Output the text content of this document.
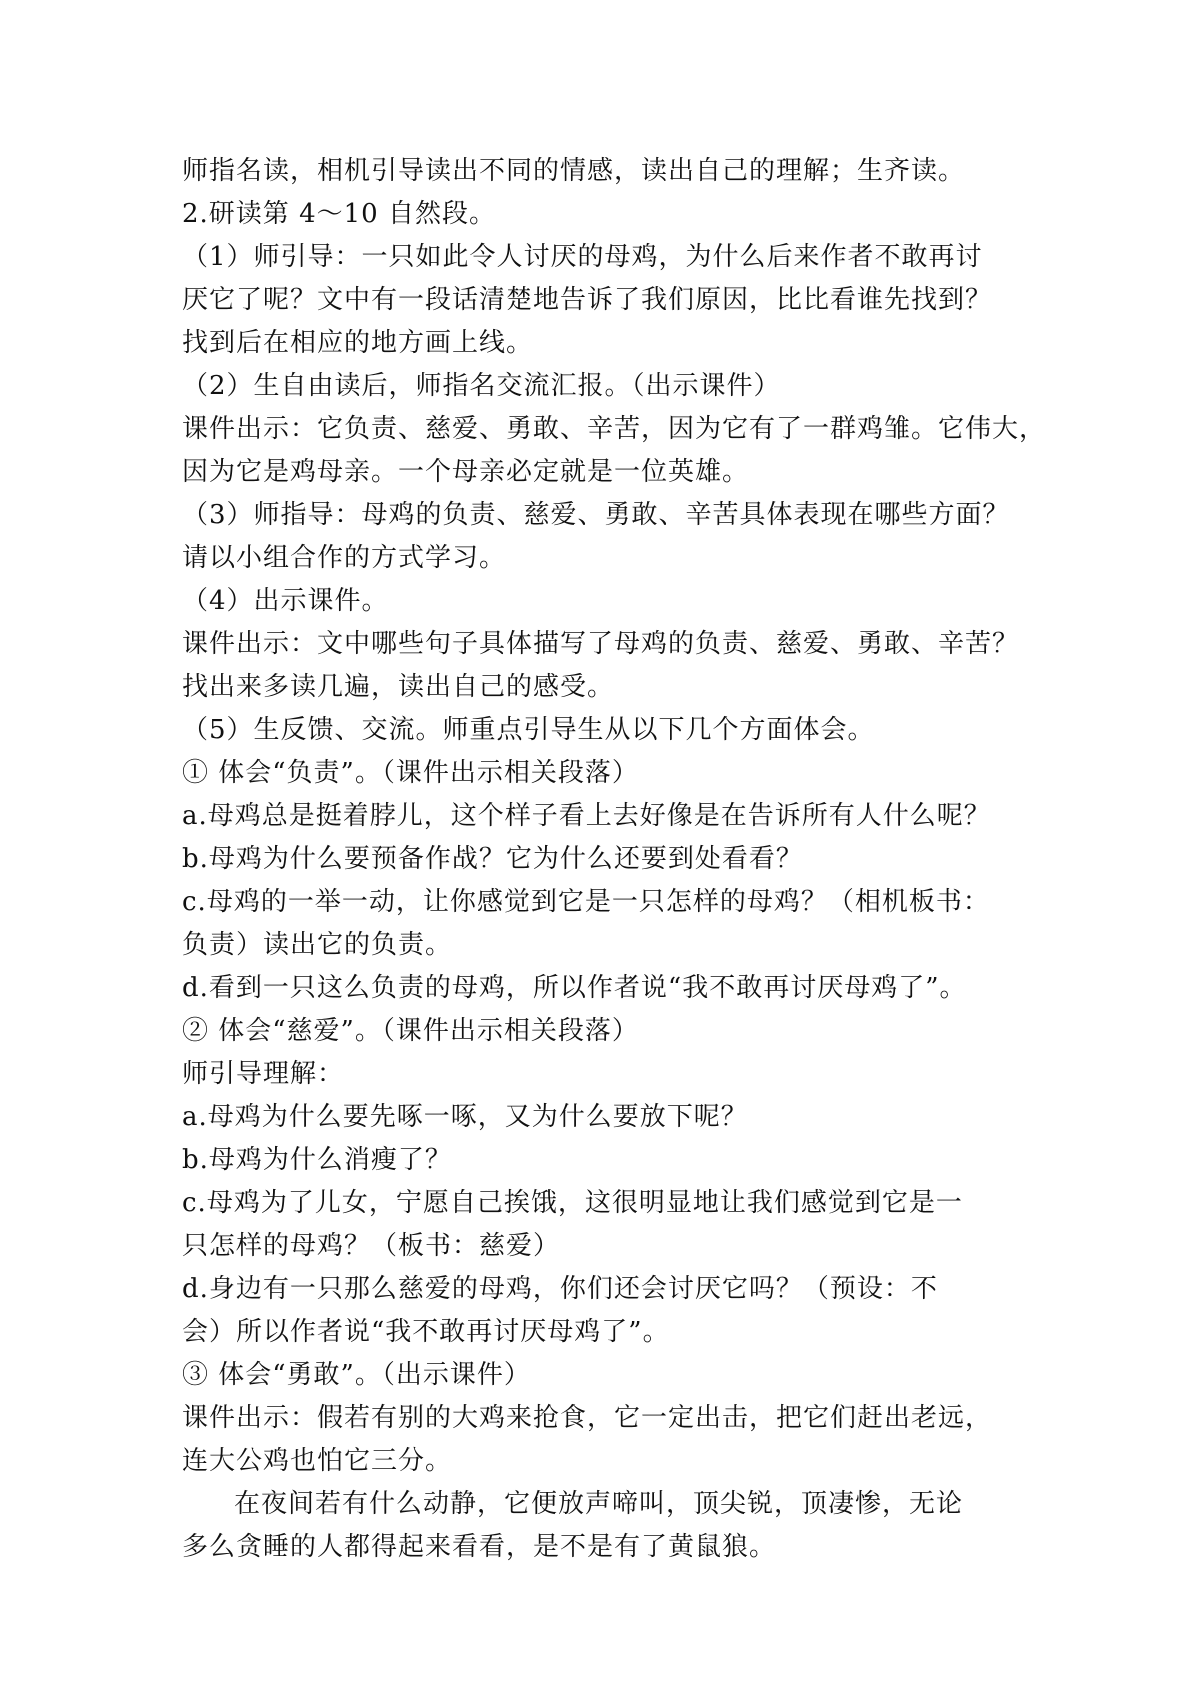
师指名读，相机引导读出不同的情感，读出自己的理解；生齐读。
2.研读第 4～10 自然段。
（1）师引导：一只如此令人讨厌的母鸡，为什么后来作者不敢再讨
厌它了呢？文中有一段话清楚地告诉了我们原因，比比看谁先找到？
找到后在相应的地方画上线。
（2）生自由读后，师指名交流汇报。（出示课件）
课件出示：它负责、慈爱、勇敢、辛苦，因为它有了一群鸡雏。它伟大，
因为它是鸡母亲。一个母亲必定就是一位英雄。
（3）师指导：母鸡的负责、慈爱、勇敢、辛苦具体表现在哪些方面？
请以小组合作的方式学习。
（4）出示课件。
课件出示：文中哪些句子具体描写了母鸡的负责、慈爱、勇敢、辛苦？
找出来多读几遍，读出自己的感受。
（5）生反馈、交流。师重点引导生从以下几个方面体会。
① 体会“负责”。（课件出示相关段落）
a.母鸡总是挺着脖儿，这个样子看上去好像是在告诉所有人什么呢？
b.母鸡为什么要预备作战？它为什么还要到处看看？
c.母鸡的一举一动，让你感觉到它是一只怎样的母鸡？（相机板书：
负责）读出它的负责。
d.看到一只这么负责的母鸡，所以作者说“我不敢再讨厌母鸡了”。
② 体会“慈爱”。（课件出示相关段落）
师引导理解：
a.母鸡为什么要先啄一啄，又为什么要放下呢？
b.母鸡为什么消瘦了？
c.母鸡为了儿女，宁愿自己挨饿，这很明显地让我们感觉到它是一
只怎样的母鸡？（板书：慈爱）
d.身边有一只那么慈爱的母鸡，你们还会讨厌它吗？（预设：不
会）所以作者说“我不敢再讨厌母鸡了”。
③ 体会“勇敢”。（出示课件）
课件出示：假若有别的大鸡来抢食，它一定出击，把它们赶出老远，
连大公鸡也怕它三分。
在夜间若有什么动静，它便放声啼叫，顶尖锐，顶凄惨，无论
多么贪睡的人都得起来看看，是不是有了黄鼠狼。
